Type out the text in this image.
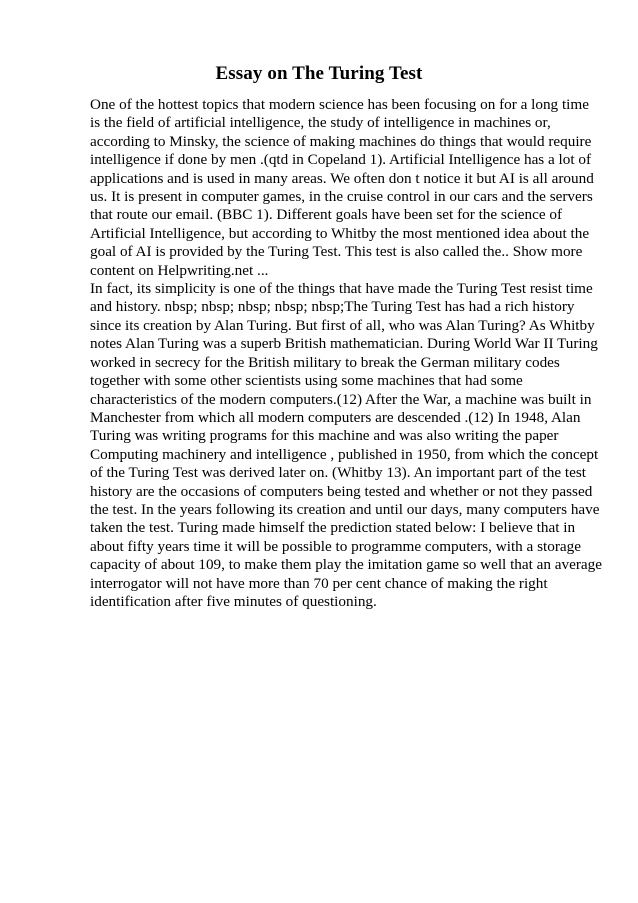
Essay on The Turing Test
One of the hottest topics that modern science has been focusing on for a long time
is the field of artificial intelligence, the study of intelligence in machines or,
according to Minsky, the science of making machines do things that would require
intelligence if done by men .(qtd in Copeland 1). Artificial Intelligence has a lot of
applications and is used in many areas. We often don t notice it but AI is all around
us. It is present in computer games, in the cruise control in our cars and the servers
that route our email. (BBC 1). Different goals have been set for the science of
Artificial Intelligence, but according to Whitby the most mentioned idea about the
goal of AI is provided by the Turing Test. This test is also called the.. Show more
content on Helpwriting.net ...
In fact, its simplicity is one of the things that have made the Turing Test resist time
and history. nbsp; nbsp; nbsp; nbsp; nbsp;The Turing Test has had a rich history
since its creation by Alan Turing. But first of all, who was Alan Turing? As Whitby
notes Alan Turing was a superb British mathematician. During World War II Turing
worked in secrecy for the British military to break the German military codes
together with some other scientists using some machines that had some
characteristics of the modern computers.(12) After the War, a machine was built in
Manchester from which all modern computers are descended .(12) In 1948, Alan
Turing was writing programs for this machine and was also writing the paper
Computing machinery and intelligence , published in 1950, from which the concept
of the Turing Test was derived later on. (Whitby 13). An important part of the test
history are the occasions of computers being tested and whether or not they passed
the test. In the years following its creation and until our days, many computers have
taken the test. Turing made himself the prediction stated below: I believe that in
about fifty years time it will be possible to programme computers, with a storage
capacity of about 109, to make them play the imitation game so well that an average
interrogator will not have more than 70 per cent chance of making the right
identification after five minutes of questioning.
